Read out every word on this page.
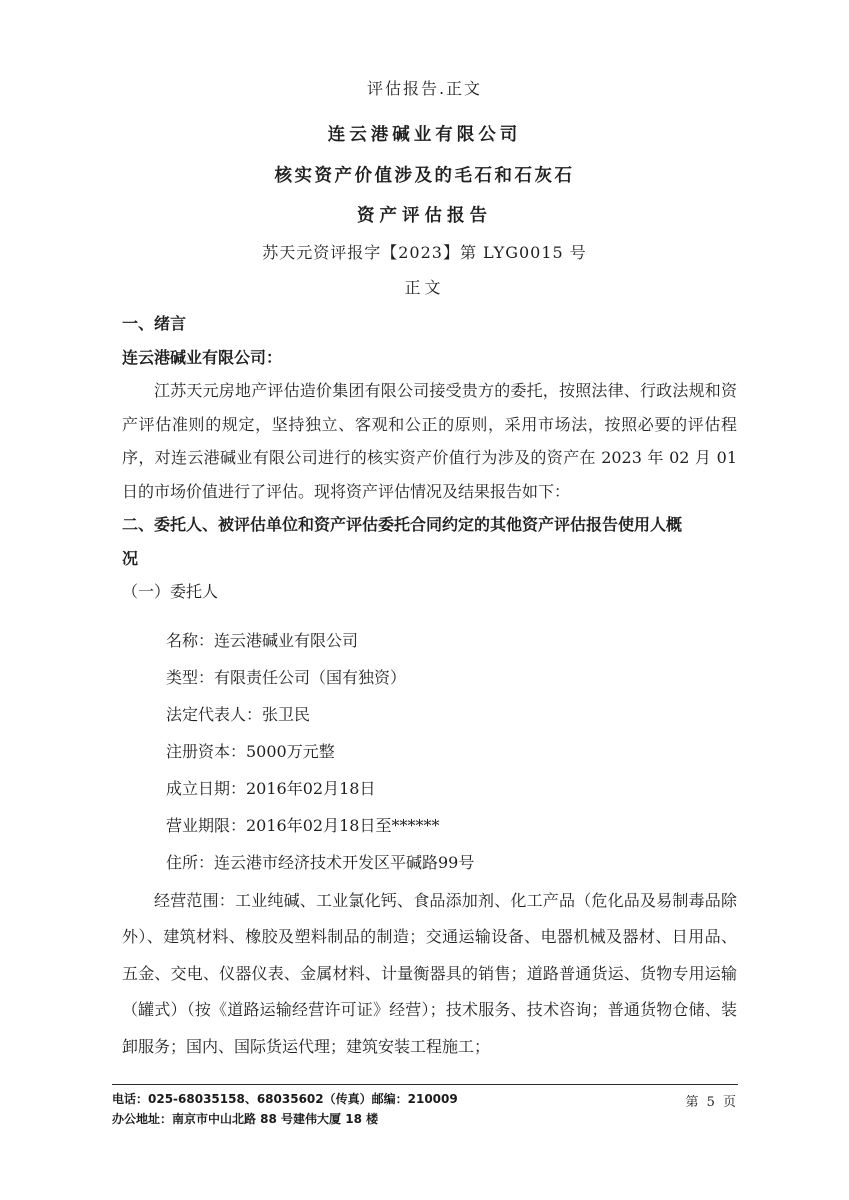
评估报告.正文
连云港碱业有限公司
核实资产价值涉及的毛石和石灰石
资产评估报告
苏天元资评报字【2023】第 LYG0015 号
正文

一、绪言

连云港碱业有限公司：

江苏天元房地产评估造价集团有限公司接受贵方的委托，按照法律、行政法规和资产评估准则的规定，坚持独立、客观和公正的原则，采用市场法，按照必要的评估程序，对连云港碱业有限公司进行的核实资产价值行为涉及的资产在 2023 年 02 月 01 日的市场价值进行了评估。现将资产评估情况及结果报告如下：

二、委托人、被评估单位和资产评估委托合同约定的其他资产评估报告使用人概

况

（一）委托人

名称：连云港碱业有限公司

类型：有限责任公司（国有独资）

法定代表人：张卫民

注册资本：5000万元整

成立日期：2016年02月18日

营业期限：2016年02月18日至******

住所：连云港市经济技术开发区平碱路99号

经营范围：工业纯碱、工业氯化钙、食品添加剂、化工产品（危化品及易制毒品除外）、建筑材料、橡胶及塑料制品的制造；交通运输设备、电器机械及器材、日用品、五金、交电、仪器仪表、金属材料、计量衡器具的销售；道路普通货运、货物专用运输（罐式）（按《道路运输经营许可证》经营）；技术服务、技术咨询；普通货物仓储、装卸服务；国内、国际货运代理；建筑安装工程施工；

电话：025-68035158、68035602（传真）邮编：210009
办公地址：南京市中山北路 88 号建伟大厦 18 楼
第 5 页
